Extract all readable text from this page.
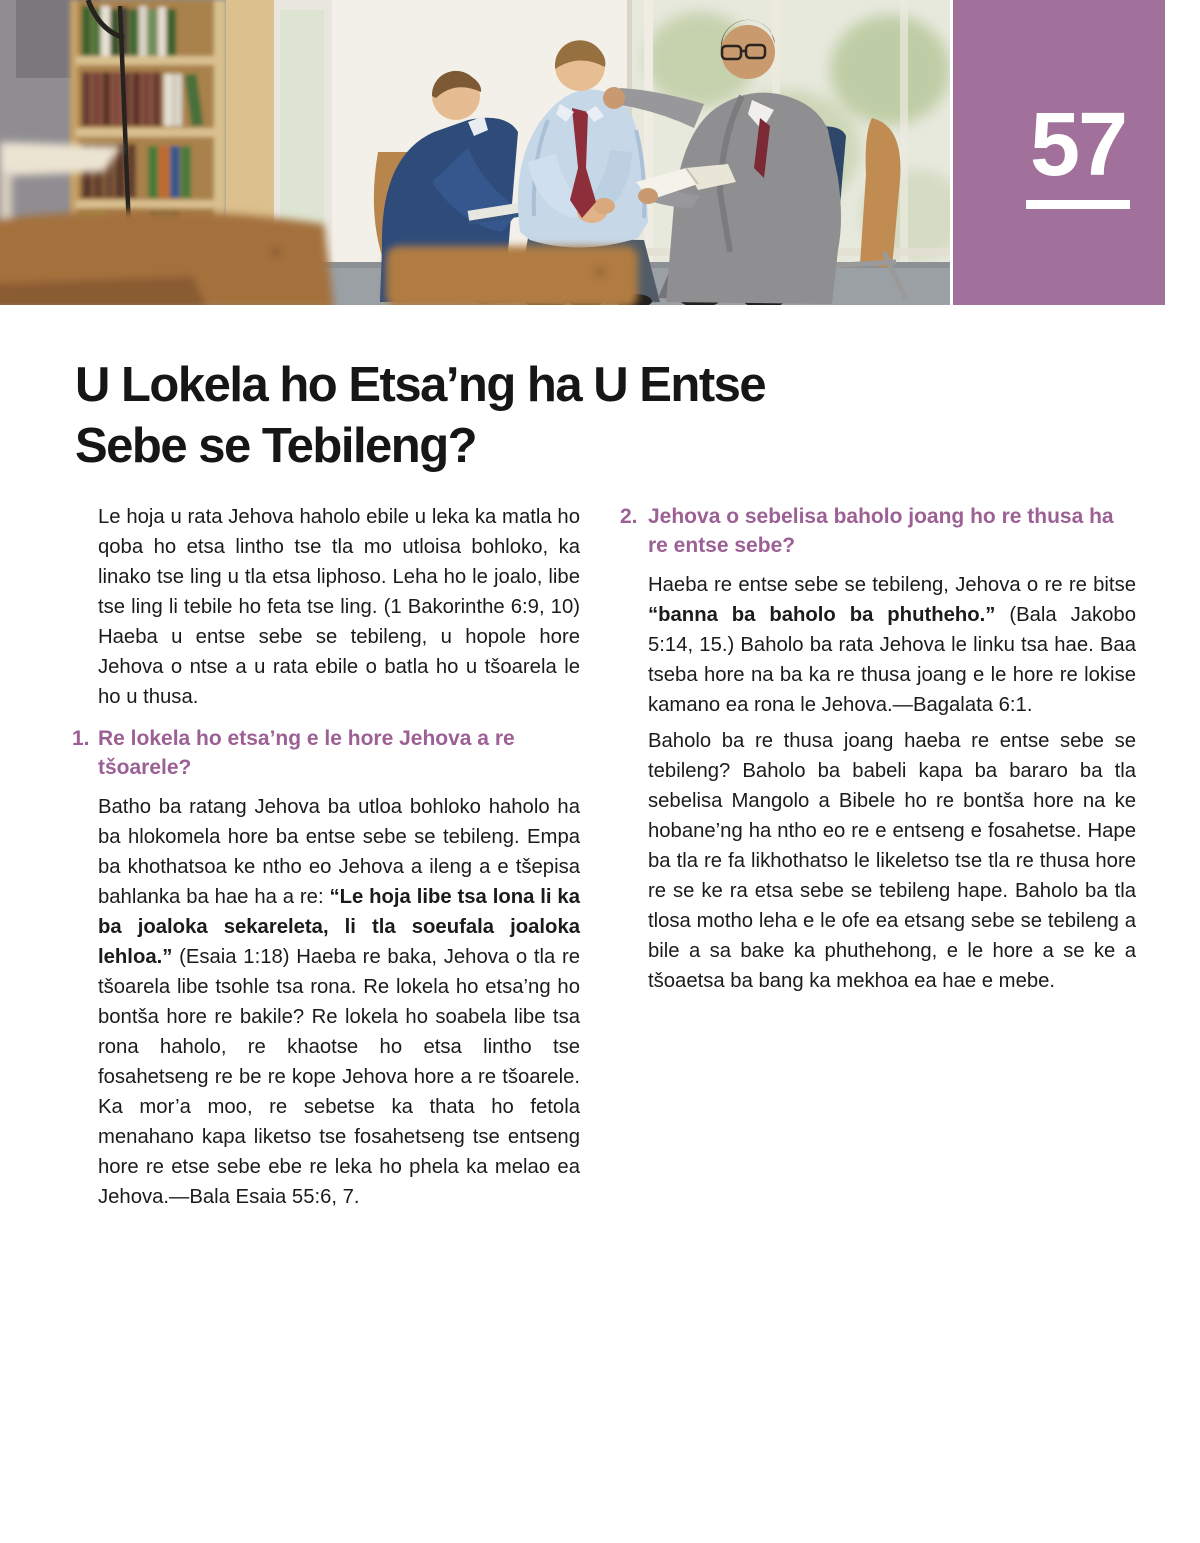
57
U Lokela ho Etsa’ng ha U Entse
Sebe se Tebileng?

Le hoja u rata Jehova haholo ebile u leka ka matla ho qoba ho etsa lintho tse tla mo utloisa bohloko, ka linako tse ling u tla etsa liphoso. Leha ho le joalo, libe tse ling li tebile ho feta tse ling. (1 Bakorinthe 6:9, 10) Haeba u entse sebe se tebileng, u hopole hore Jehova o ntse a u rata ebile o batla ho u tšoarela le ho u thusa.

1. Re lokela ho etsa’ng e le hore Jehova a re tšoarele?

Batho ba ratang Jehova ba utloa bohloko haholo ha ba hlokomela hore ba entse sebe se tebileng. Empa ba khothatsoa ke ntho eo Jehova a ileng a e tšepisa bahlanka ba hae ha a re: “Le hoja libe tsa lona li ka ba joaloka sekareleta, li tla soeufala joaloka lehloa.” (Esaia 1:18) Haeba re baka, Jehova o tla re tšoarela libe tsohle tsa rona. Re lokela ho etsa’ng ho bontša hore re bakile? Re lokela ho soabela libe tsa rona haholo, re khaotse ho etsa lintho tse fosahetseng re be re kope Jehova hore a re tšoarele. Ka mor’a moo, re sebetse ka thata ho fetola menahano kapa liketso tse fosahetseng tse entseng hore re etse sebe ebe re leka ho phela ka melao ea Jehova.—Bala Esaia 55:6, 7.

2. Jehova o sebelisa baholo joang ho re thusa ha re entse sebe?

Haeba re entse sebe se tebileng, Jehova o re re bitse “banna ba baholo ba phutheho.” (Bala Jakobo 5:14, 15.) Baholo ba rata Jehova le linku tsa hae. Baa tseba hore na ba ka re thusa joang e le hore re lokise kamano ea rona le Jehova.—Bagalata 6:1.

Baholo ba re thusa joang haeba re entse sebe se tebileng? Baholo ba babeli kapa ba bararo ba tla sebelisa Mangolo a Bibele ho re bontša hore na ke hobane’ng ha ntho eo re e entseng e fosahetse. Hape ba tla re fa likhothatso le likeletso tse tla re thusa hore re se ke ra etsa sebe se tebileng hape. Baholo ba tla tlosa motho leha e le ofe ea etsang sebe se tebileng a bile a sa bake ka phuthehong, e le hore a se ke a tšoaetsa ba bang ka mekhoa ea hae e mebe.
